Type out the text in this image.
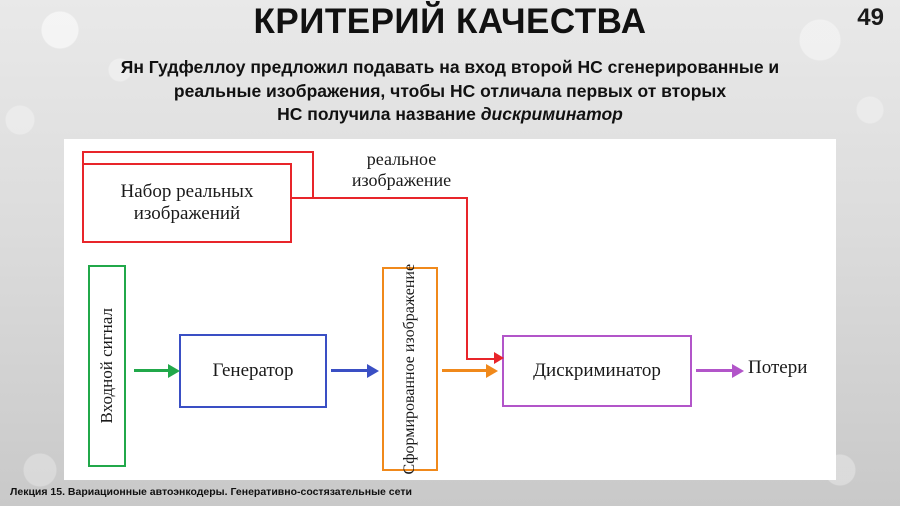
49
КРИТЕРИЙ КАЧЕСТВА
Ян Гудфеллоу предложил подавать на вход второй НС сгенерированные и
реальные изображения, чтобы НС отличала первых от вторых
НС получила название дискриминатор
Набор реальных изображений
реальное изображение
Входной сигнал	Генератор	Сформированное изображение	Дискриминатор	Потери
Лекция 15. Вариационные автоэнкодеры. Генеративно-состязательные сети
